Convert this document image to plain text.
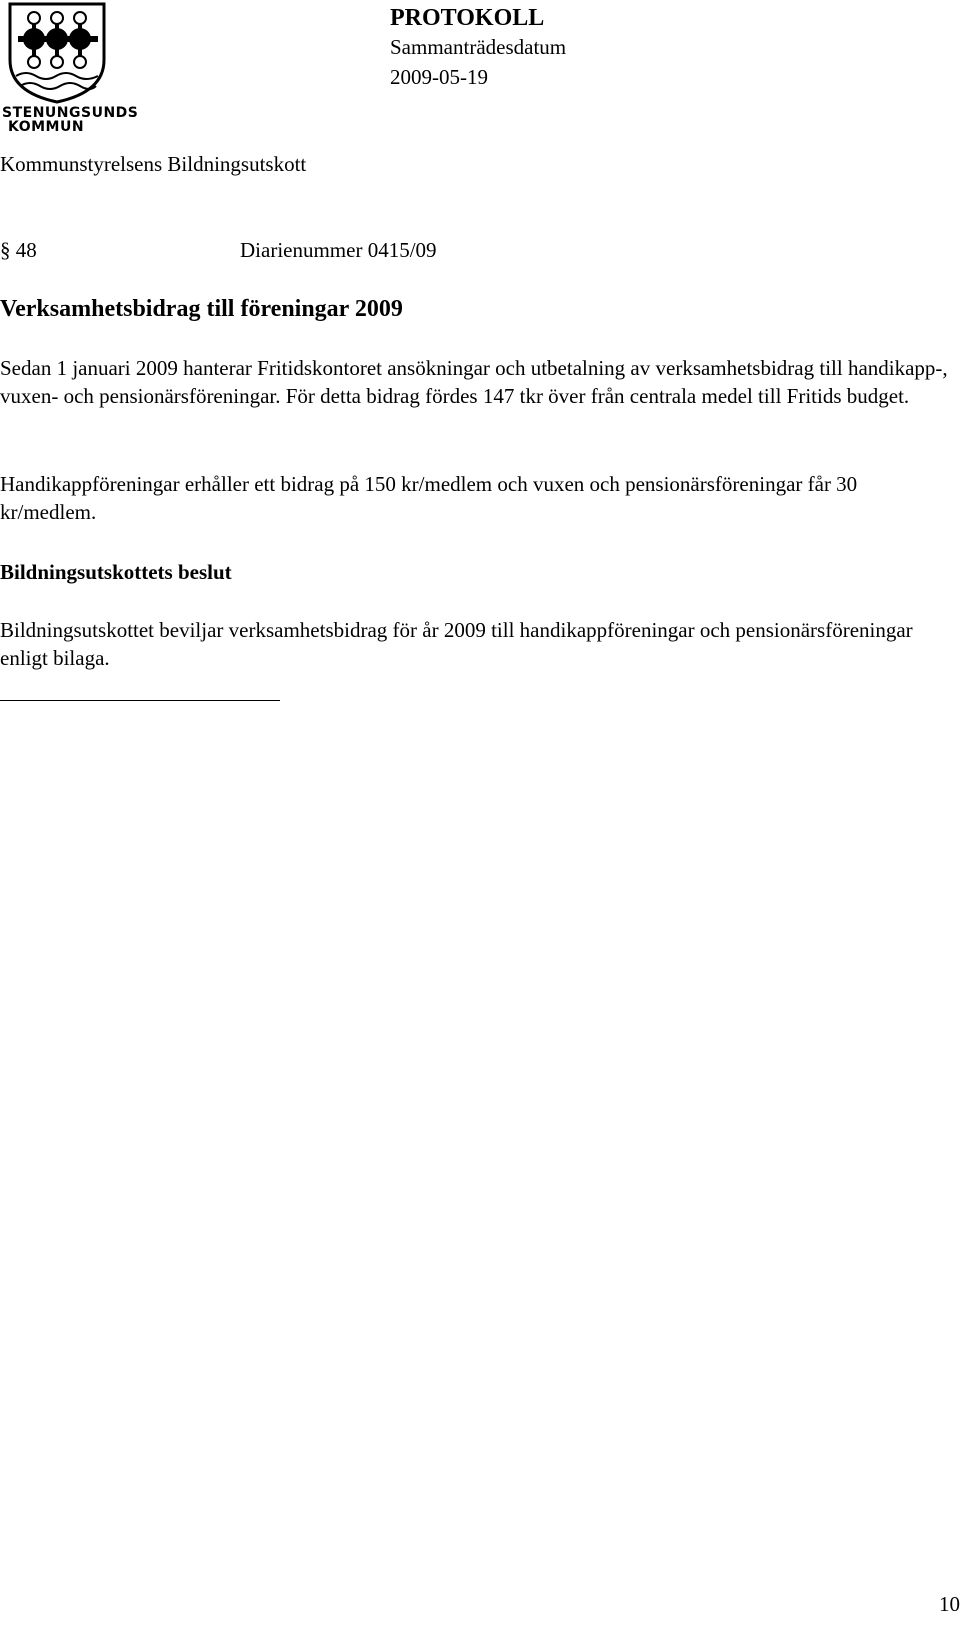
STENUNGSUNDS
KOMMUN
PROTOKOLL
Sammanträdesdatum
2009-05-19
Kommunstyrelsens Bildningsutskott
§ 48	Diarienummer 0415/09
Verksamhetsbidrag till föreningar 2009

Sedan 1 januari 2009 hanterar Fritidskontoret ansökningar och utbetalning av verksamhetsbidrag till handikapp-, vuxen- och pensionärsföreningar. För detta bidrag fördes 147 tkr över från centrala medel till Fritids budget.

Handikappföreningar erhåller ett bidrag på 150 kr/medlem och vuxen och pensionärsföreningar får 30 kr/medlem.

Bildningsutskottets beslut

Bildningsutskottet beviljar verksamhetsbidrag för år 2009 till handikappföreningar och pensionärsföreningar enligt bilaga.

10
